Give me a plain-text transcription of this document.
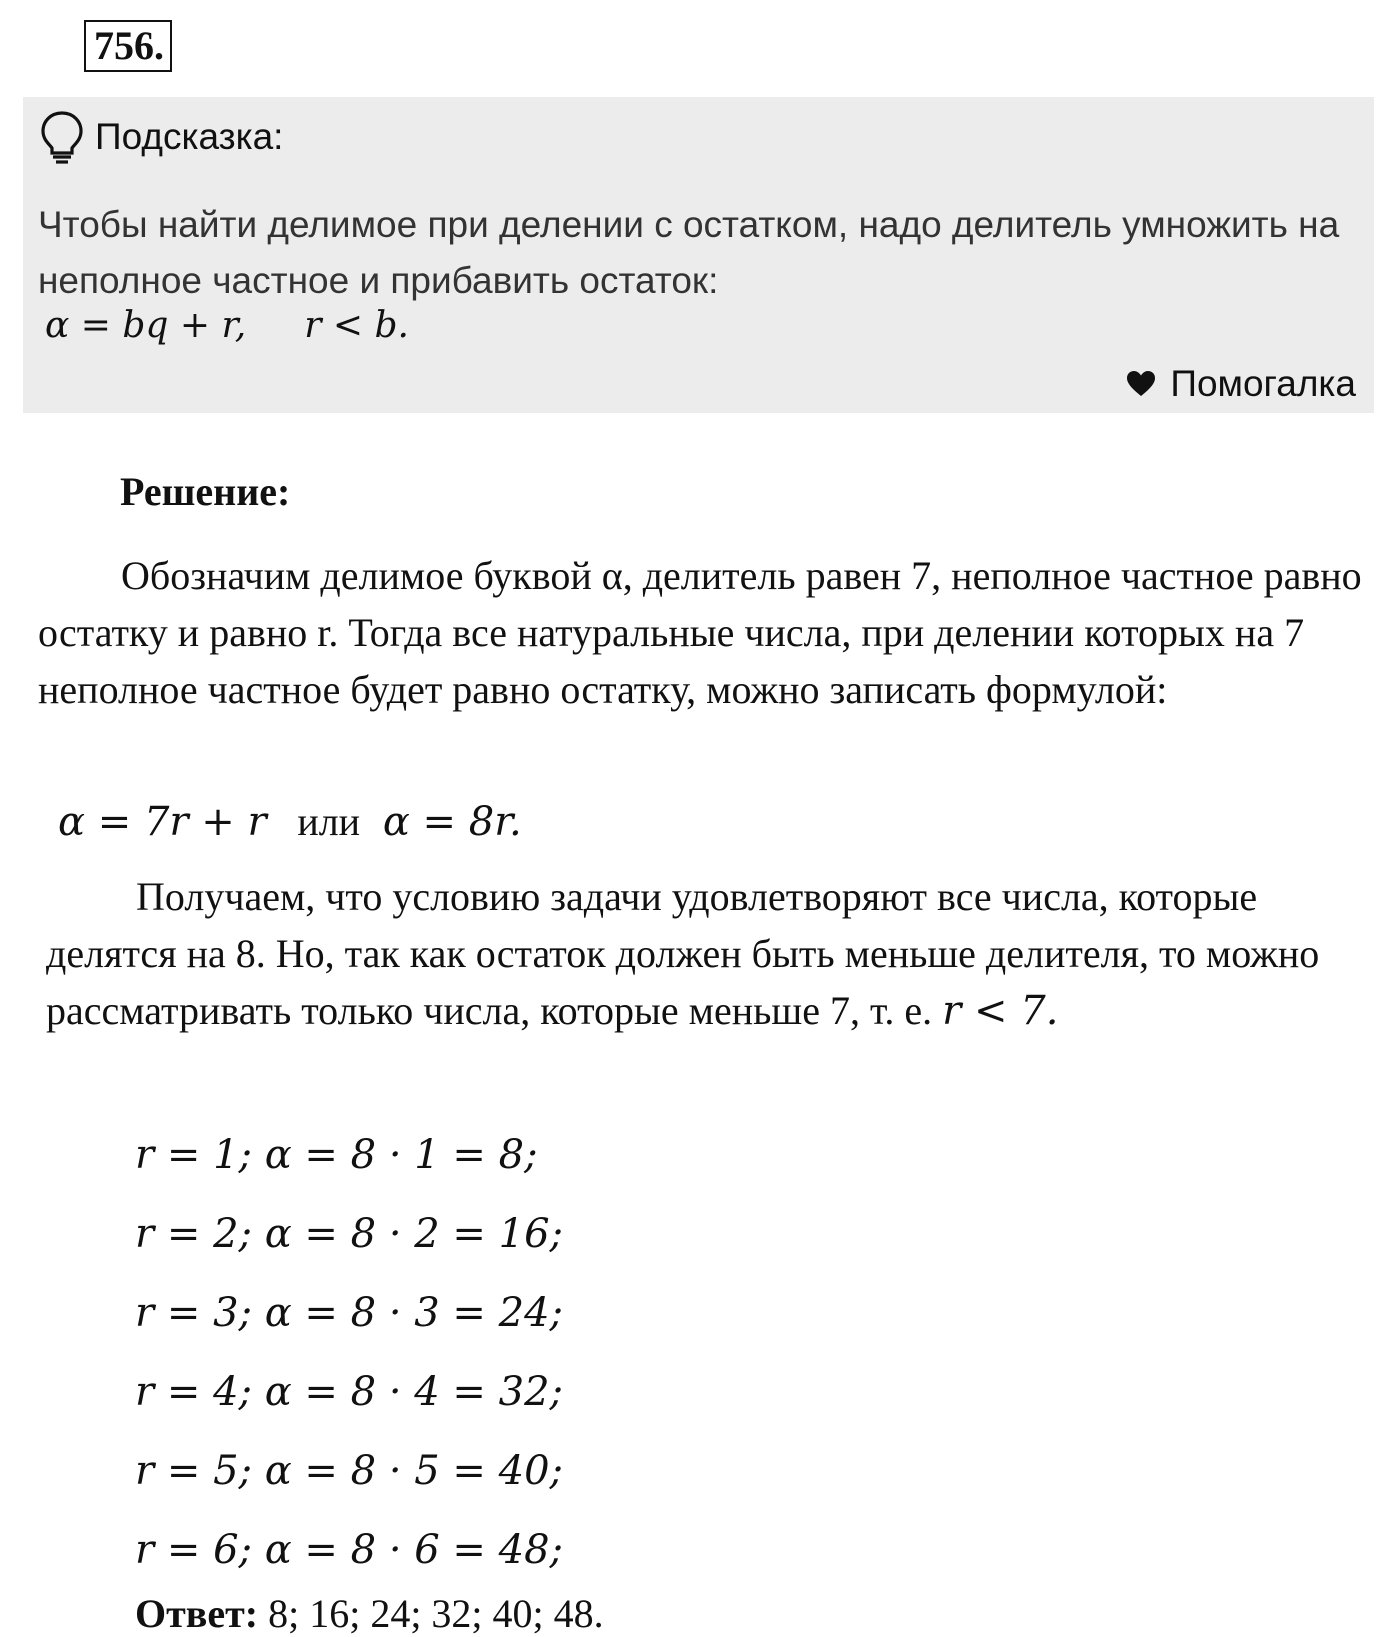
756.
Подсказка:
Чтобы найти делимое при делении с остатком, надо делитель умножить на неполное частное и прибавить остаток:
α = bq + r, r < b.
Помогалка
Решение:
Обозначим делимое буквой α, делитель равен 7, неполное частное равно остатку и равно r. Тогда все натуральные числа, при делении которых на 7 неполное частное будет равно остатку, можно записать формулой:
α = 7r + r или α = 8r.
Получаем, что условию задачи удовлетворяют все числа, которые делятся на 8. Но, так как остаток должен быть меньше делителя, то можно рассматривать только числа, которые меньше 7, т. е. r < 7.
r = 1; α = 8 · 1 = 8;
r = 2; α = 8 · 2 = 16;
r = 3; α = 8 · 3 = 24;
r = 4; α = 8 · 4 = 32;
r = 5; α = 8 · 5 = 40;
r = 6; α = 8 · 6 = 48;
Ответ: 8; 16; 24; 32; 40; 48.
